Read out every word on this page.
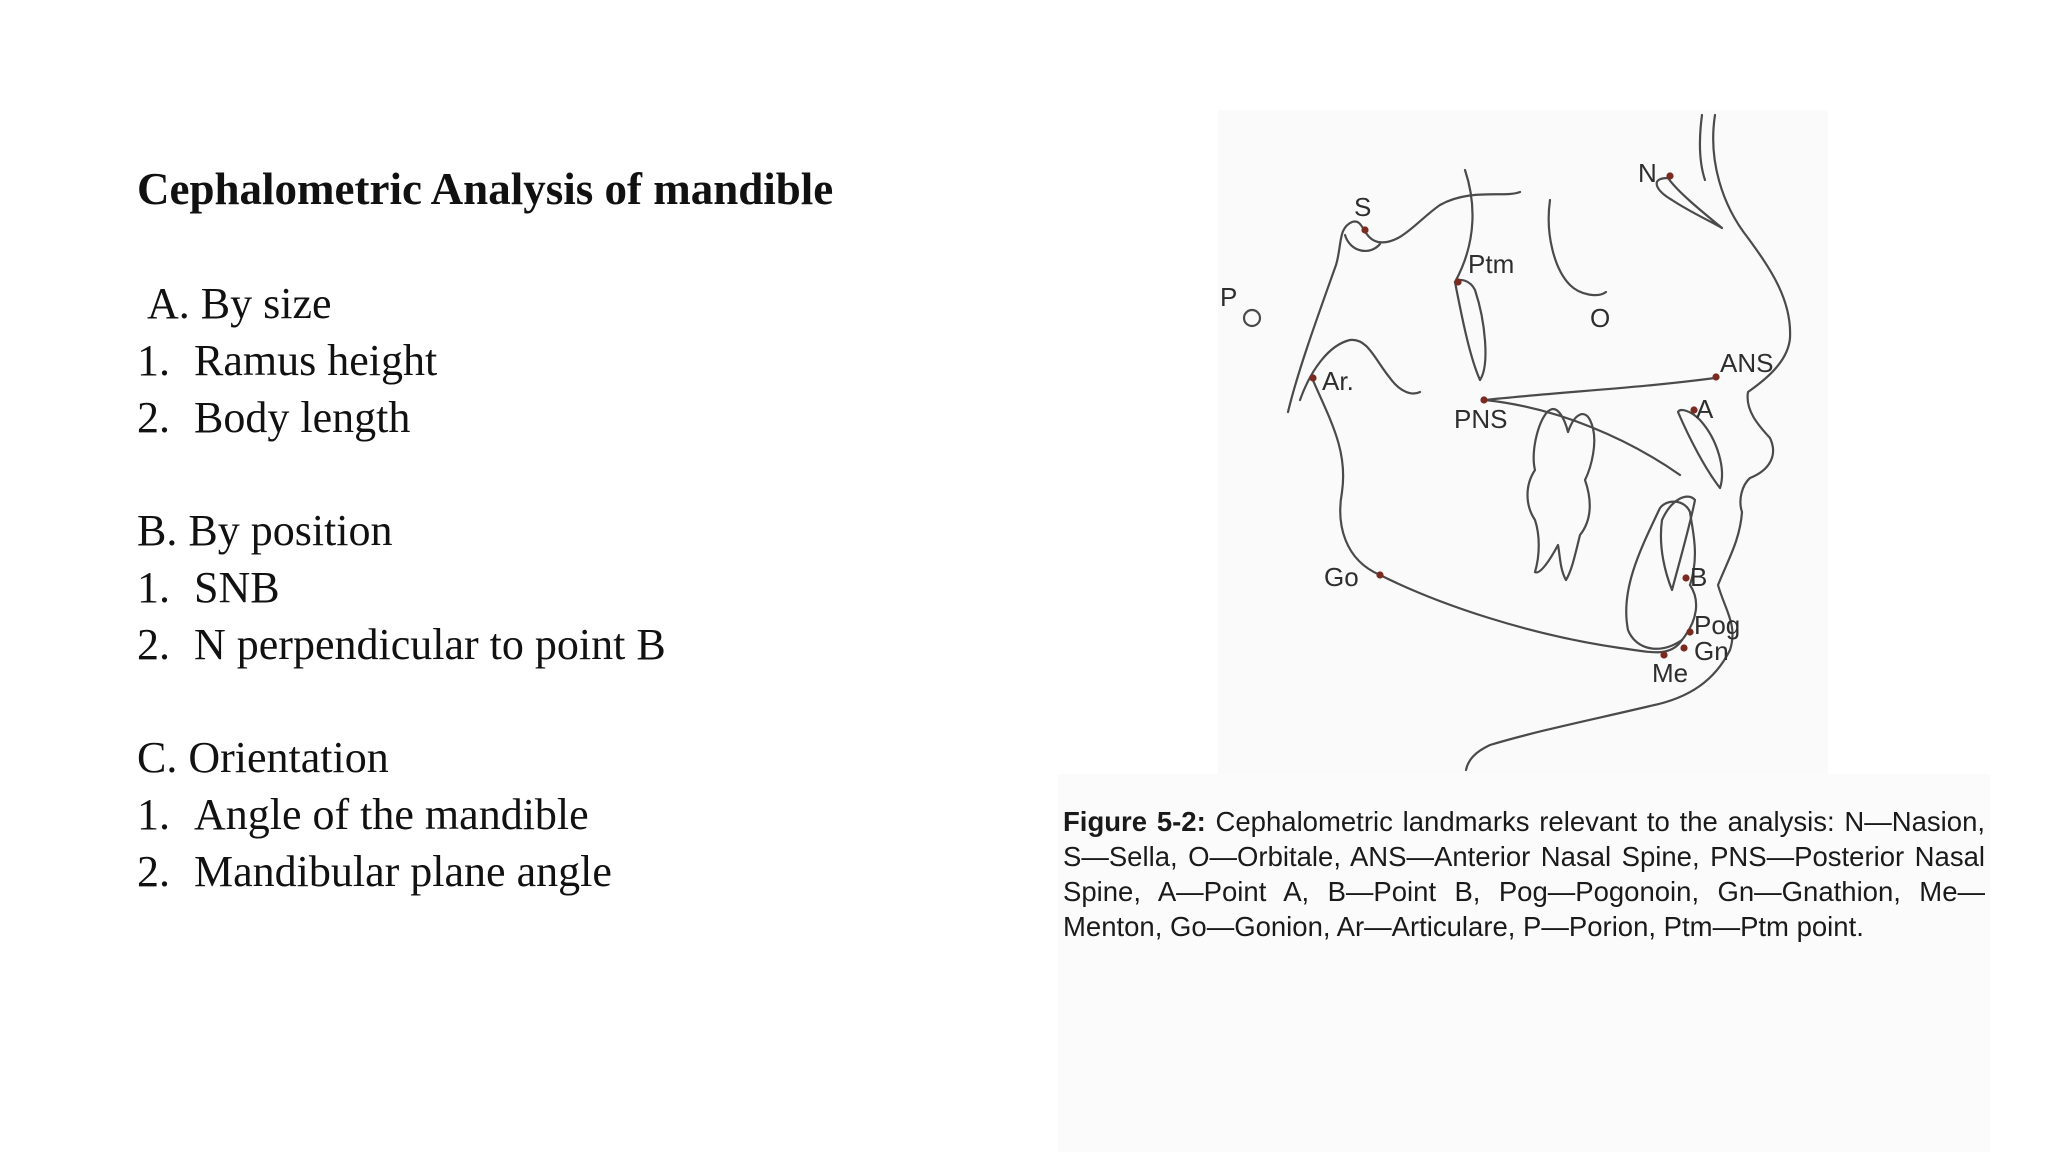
Cephalometric Analysis of mandible
A. By size
1. Ramus height
2. Body length
B. By position
1. SNB
2. N perpendicular to point B
C. Orientation
1. Angle of the mandible
2. Mandibular plane angle
N
S
Ptm
P
O
Ar.
ANS
PNS	A
Go	B
Pog
Gn
Me
Figure 5-2: Cephalometric landmarks relevant to the analysis: N—Nasion, S—Sella, O—Orbitale, ANS—Anterior Nasal Spine, PNS—Posterior Nasal Spine, A—Point A, B—Point B, Pog—Pogonoin, Gn—Gnathion, Me—Menton, Go—Gonion, Ar—Articulare, P—Porion, Ptm—Ptm point.
